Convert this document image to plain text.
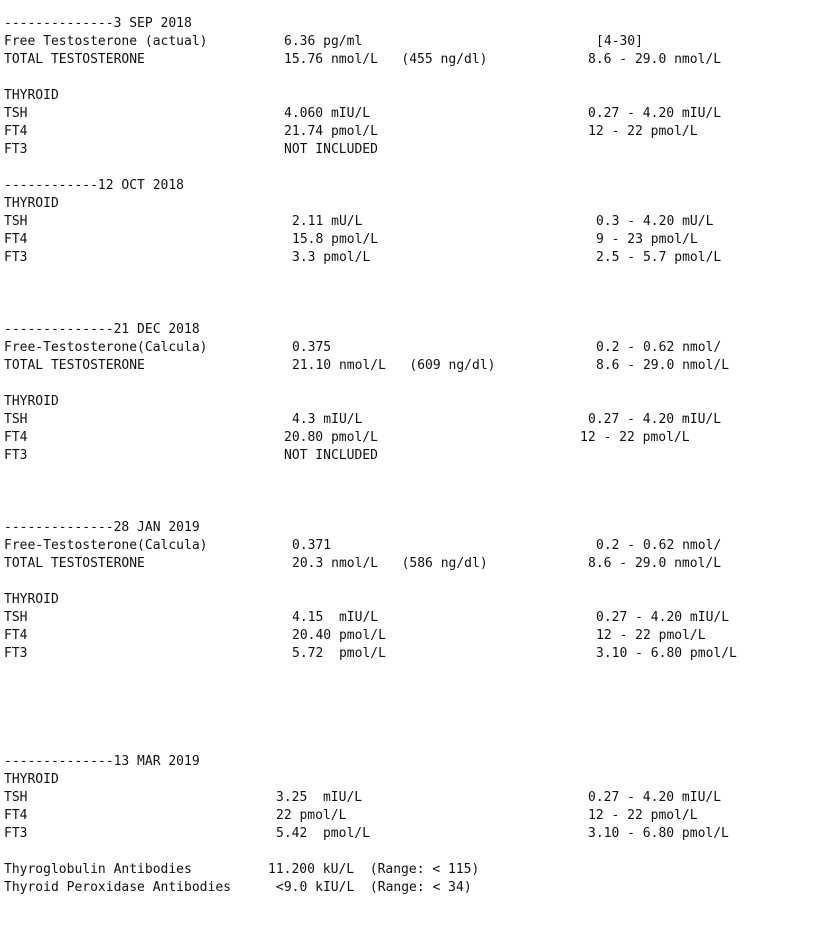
--------------3 SEP 2018
Free Testosterone (actual)	6.36 pg/ml	[4-30]
TOTAL TESTOSTERONE	15.76 nmol/L   (455 ng/dl)	8.6 - 29.0 nmol/L
THYROID
TSH	4.060 mIU/L	0.27 - 4.20 mIU/L
FT4	21.74 pmol/L	12 - 22 pmol/L
FT3	NOT INCLUDED
------------12 OCT 2018
THYROID
TSH	2.11 mU/L	0.3 - 4.20 mU/L
FT4	15.8 pmol/L	9 - 23 pmol/L
FT3	3.3 pmol/L	2.5 - 5.7 pmol/L
--------------21 DEC 2018
Free-Testosterone(Calcula)	0.375	0.2 - 0.62 nmol/
TOTAL TESTOSTERONE	21.10 nmol/L   (609 ng/dl)	8.6 - 29.0 nmol/L
THYROID
TSH	4.3 mIU/L	0.27 - 4.20 mIU/L
FT4	20.80 pmol/L	12 - 22 pmol/L
FT3	NOT INCLUDED
--------------28 JAN 2019
Free-Testosterone(Calcula)	0.371	0.2 - 0.62 nmol/
TOTAL TESTOSTERONE	20.3 nmol/L   (586 ng/dl)	8.6 - 29.0 nmol/L
THYROID
TSH	4.15  mIU/L	0.27 - 4.20 mIU/L
FT4	20.40 pmol/L	12 - 22 pmol/L
FT3	5.72  pmol/L	3.10 - 6.80 pmol/L
--------------13 MAR 2019
THYROID
TSH	3.25  mIU/L	0.27 - 4.20 mIU/L
FT4	22 pmol/L	12 - 22 pmol/L
FT3	5.42  pmol/L	3.10 - 6.80 pmol/L
Thyroglobulin Antibodies	11.200 kU/L  (Range: < 115)
Thyroid Peroxidase Antibodies	<9.0 kIU/L  (Range: < 34)
